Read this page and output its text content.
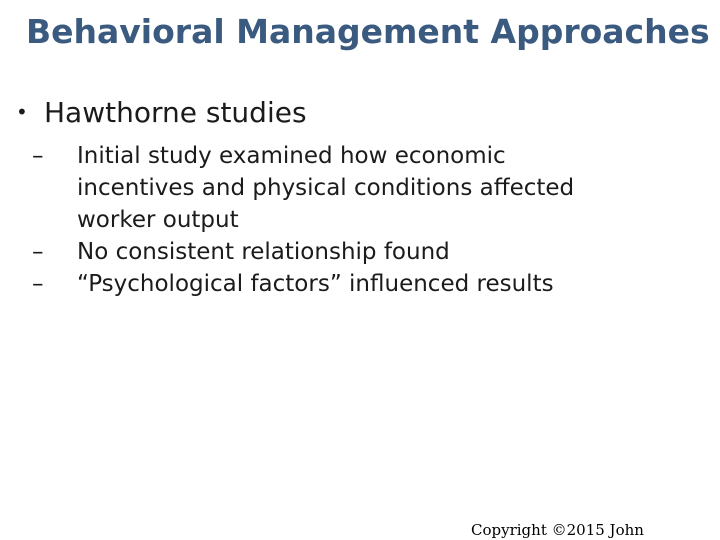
Behavioral Management Approaches
• Hawthorne studies
–	Initial study examined how economic incentives and physical conditions affected worker output
–	No consistent relationship found
–	“Psychological factors” influenced results
Copyright ©2015 John
